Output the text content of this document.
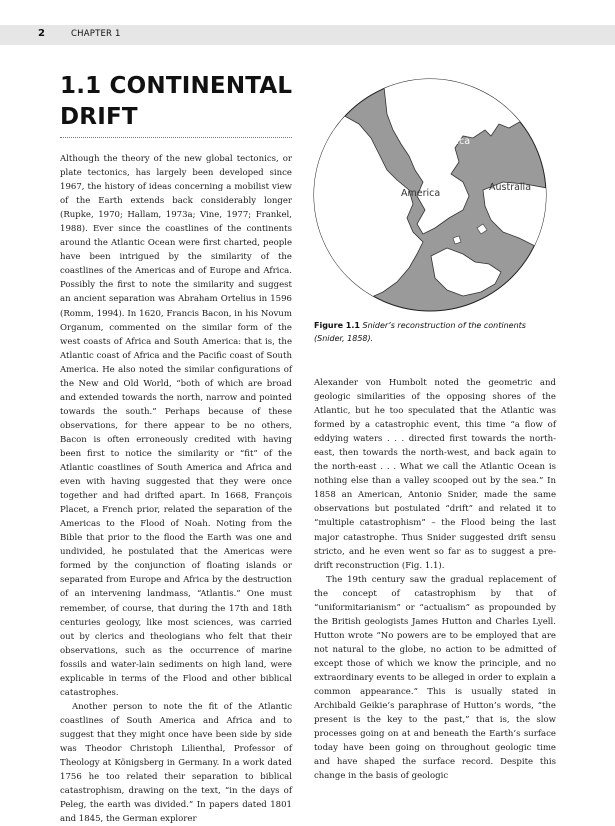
2	CHAPTER 1
1.1 CONTINENTAL DRIFT

Although the theory of the new global tectonics, or plate tectonics, has largely been developed since 1967, the history of ideas concerning a mobilist view of the Earth extends back considerably longer (Rupke, 1970; Hallam, 1973a; Vine, 1977; Frankel, 1988). Ever since the coastlines of the continents around the Atlantic Ocean were first charted, people have been intrigued by the similarity of the coastlines of the Americas and of Europe and Africa. Possibly the first to note the similarity and suggest an ancient separation was Abraham Ortelius in 1596 (Romm, 1994). In 1620, Francis Bacon, in his Novum Organum, commented on the similar form of the west coasts of Africa and South America: that is, the Atlantic coast of Africa and the Pacific coast of South America. He also noted the similar configurations of the New and Old World, “both of which are broad and extended towards the north, narrow and pointed towards the south.” Perhaps because of these observations, for there appear to be no others, Bacon is often erroneously credited with having been first to notice the similarity or “fit” of the Atlantic coastlines of South America and Africa and even with having suggested that they were once together and had drifted apart. In 1668, François Placet, a French prior, related the separation of the Americas to the Flood of Noah. Noting from the Bible that prior to the flood the Earth was one and undivided, he postulated that the Americas were formed by the conjunction of floating islands or separated from Europe and Africa by the destruction of an intervening landmass, “Atlantis.” One must remember, of course, that during the 17th and 18th centuries geology, like most sciences, was carried out by clerics and theologians who felt that their observations, such as the occurrence of marine fossils and water-lain sediments on high land, were explicable in terms of the Flood and other biblical catastrophes.

Another person to note the fit of the Atlantic coastlines of South America and Africa and to suggest that they might once have been side by side was Theodor Christoph Lilienthal, Professor of Theology at Königsberg in Germany. In a work dated 1756 he too related their separation to biblical catastrophism, drawing on the text, “in the days of Peleg, the earth was divided.” In papers dated 1801 and 1845, the German explorer

Europe
Asia
Africa
America
Australia
Figure 1.1 Snider’s reconstruction of the continents (Snider, 1858).

Alexander von Humbolt noted the geometric and geologic similarities of the opposing shores of the Atlantic, but he too speculated that the Atlantic was formed by a catastrophic event, this time “a flow of eddying waters . . . directed first towards the north-east, then towards the north-west, and back again to the north-east . . . What we call the Atlantic Ocean is nothing else than a valley scooped out by the sea.” In 1858 an American, Antonio Snider, made the same observations but postulated “drift” and related it to “multiple catastrophism” – the Flood being the last major catastrophe. Thus Snider suggested drift sensu stricto, and he even went so far as to suggest a pre-drift reconstruction (Fig. 1.1).

The 19th century saw the gradual replacement of the concept of catastrophism by that of “uniformitarianism” or “actualism” as propounded by the British geologists James Hutton and Charles Lyell. Hutton wrote “No powers are to be employed that are not natural to the globe, no action to be admitted of except those of which we know the principle, and no extraordinary events to be alleged in order to explain a common appearance.” This is usually stated in Archibald Geikie’s paraphrase of Hutton’s words, “the present is the key to the past,” that is, the slow processes going on at and beneath the Earth’s surface today have been going on throughout geologic time and have shaped the surface record. Despite this change in the basis of geologic
